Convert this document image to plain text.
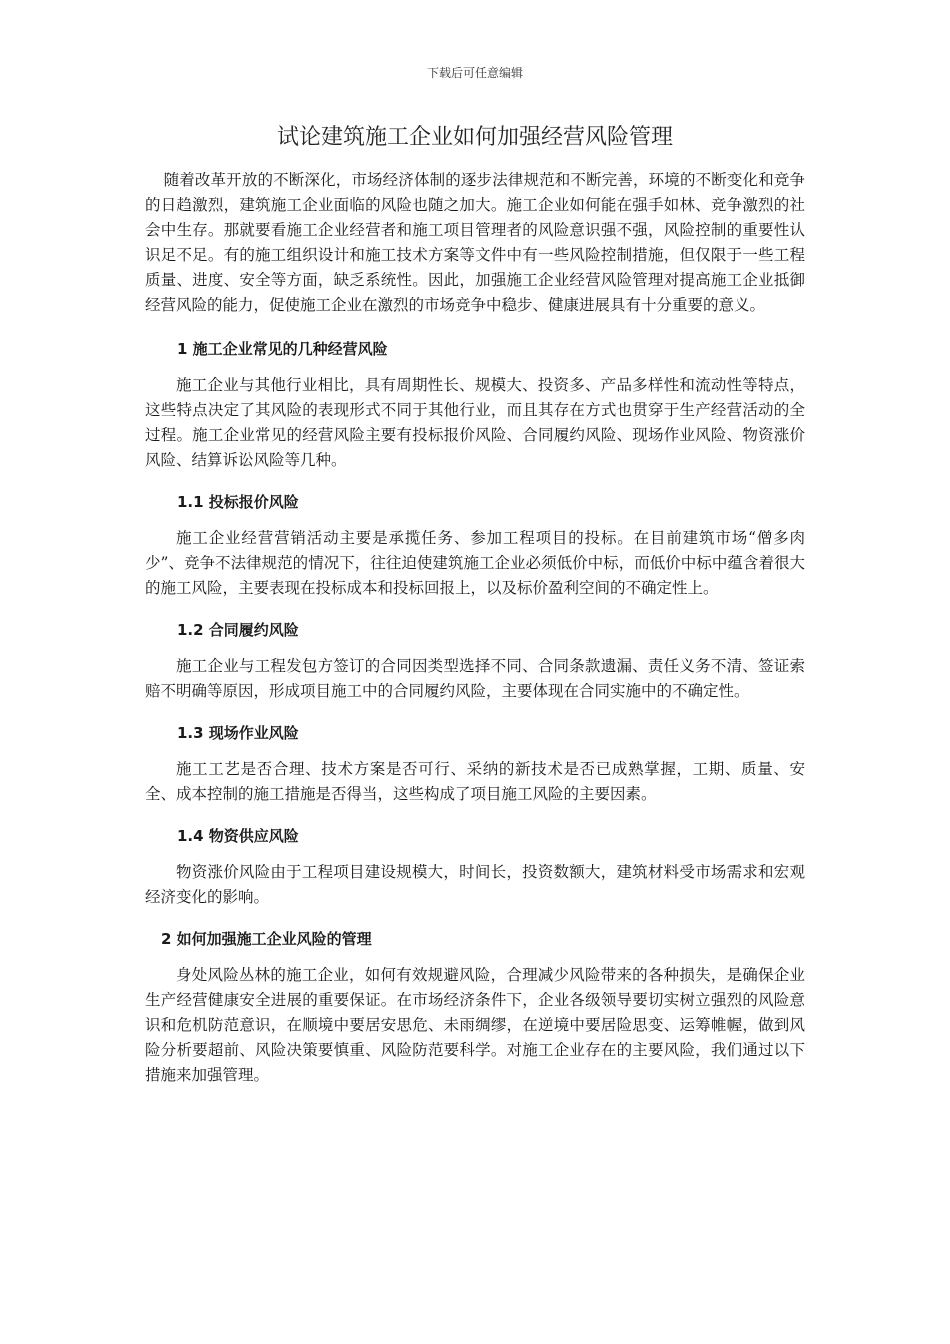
下载后可任意编辑
试论建筑施工企业如何加强经营风险管理

随着改革开放的不断深化，市场经济体制的逐步法律规范和不断完善，环境的不断变化和竞争的日趋激烈，建筑施工企业面临的风险也随之加大。施工企业如何能在强手如林、竞争激烈的社会中生存。那就要看施工企业经营者和施工项目管理者的风险意识强不强，风险控制的重要性认识足不足。有的施工组织设计和施工技术方案等文件中有一些风险控制措施，但仅限于一些工程质量、进度、安全等方面，缺乏系统性。因此，加强施工企业经营风险管理对提高施工企业抵御经营风险的能力，促使施工企业在激烈的市场竞争中稳步、健康进展具有十分重要的意义。

1 施工企业常见的几种经营风险

施工企业与其他行业相比，具有周期性长、规模大、投资多、产品多样性和流动性等特点，这些特点决定了其风险的表现形式不同于其他行业，而且其存在方式也贯穿于生产经营活动的全过程。施工企业常见的经营风险主要有投标报价风险、合同履约风险、现场作业风险、物资涨价风险、结算诉讼风险等几种。

1.1 投标报价风险

施工企业经营营销活动主要是承揽任务、参加工程项目的投标。在目前建筑市场“僧多肉少”、竞争不法律规范的情况下，往往迫使建筑施工企业必须低价中标，而低价中标中蕴含着很大的施工风险，主要表现在投标成本和投标回报上，以及标价盈利空间的不确定性上。

1.2 合同履约风险

施工企业与工程发包方签订的合同因类型选择不同、合同条款遗漏、责任义务不清、签证索赔不明确等原因，形成项目施工中的合同履约风险，主要体现在合同实施中的不确定性。

1.3 现场作业风险

施工工艺是否合理、技术方案是否可行、采纳的新技术是否已成熟掌握，工期、质量、安全、成本控制的施工措施是否得当，这些构成了项目施工风险的主要因素。

1.4 物资供应风险

物资涨价风险由于工程项目建设规模大，时间长，投资数额大，建筑材料受市场需求和宏观经济变化的影响。

2 如何加强施工企业风险的管理

身处风险丛林的施工企业，如何有效规避风险，合理减少风险带来的各种损失，是确保企业生产经营健康安全进展的重要保证。在市场经济条件下，企业各级领导要切实树立强烈的风险意识和危机防范意识，在顺境中要居安思危、未雨绸缪，在逆境中要居险思变、运筹帷幄，做到风险分析要超前、风险决策要慎重、风险防范要科学。对施工企业存在的主要风险，我们通过以下措施来加强管理。
